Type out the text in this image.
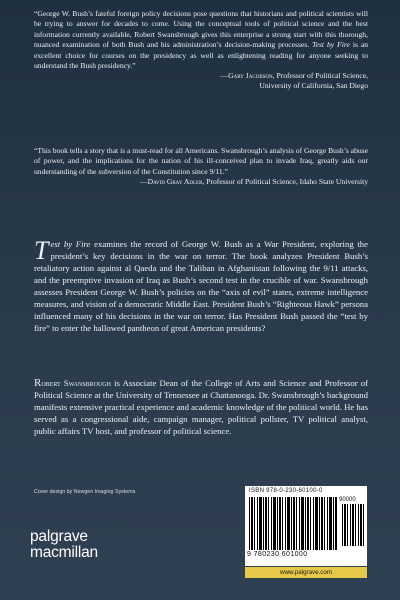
“George W. Bush’s fateful foreign policy decisions pose questions that historians and political scientists will be trying to answer for decades to come. Using the conceptual tools of political science and the best information currently available, Robert Swansbrough gives this enterprise a strong start with this thorough, nuanced examination of both Bush and his administration’s decision-making processes. Test by Fire is an excellent choice for courses on the presidency as well as enlightening reading for anyone seeking to understand the Bush presidency.”

—Gary Jacobson, Professor of Political Science,
University of California, San Diego

“This book tells a story that is a must-read for all Americans. Swansbrough’s analysis of George Bush’s abuse of power, and the implications for the nation of his ill-conceived plan to invade Iraq, greatly aids our understanding of the subversion of the Constitution since 9/11.”

—David Gray Adler, Professor of Political Science, Idaho State University
Test by Fire examines the record of George W. Bush as a War President, exploring the president’s key decisions in the war on terror. The book analyzes President Bush’s retaliatory action against al Qaeda and the Taliban in Afghanistan following the 9/11 attacks, and the preemptive invasion of Iraq as Bush’s second test in the crucible of war. Swansbrough assesses President George W. Bush’s policies on the “axis of evil” states, extreme intelligence measures, and vision of a democratic Middle East. President Bush’s “Righteous Hawk” persona influenced many of his decisions in the war on terror. Has President Bush passed the “test by fire” to enter the hallowed pantheon of great American presidents?
Robert Swansbrough is Associate Dean of the College of Arts and Science and Professor of Political Science at the University of Tennessee at Chattanooga. Dr. Swansbrough’s background manifests extensive practical experience and academic knowledge of the political world. He has served as a congressional aide, campaign manager, political pollster, TV political analyst, public affairs TV host, and professor of political science.
Cover design by Newgen Imaging Systems.
palgrave
macmillan
ISBN 978-0-230-60100-0
90000
9 780230 601000
www.palgrave.com
